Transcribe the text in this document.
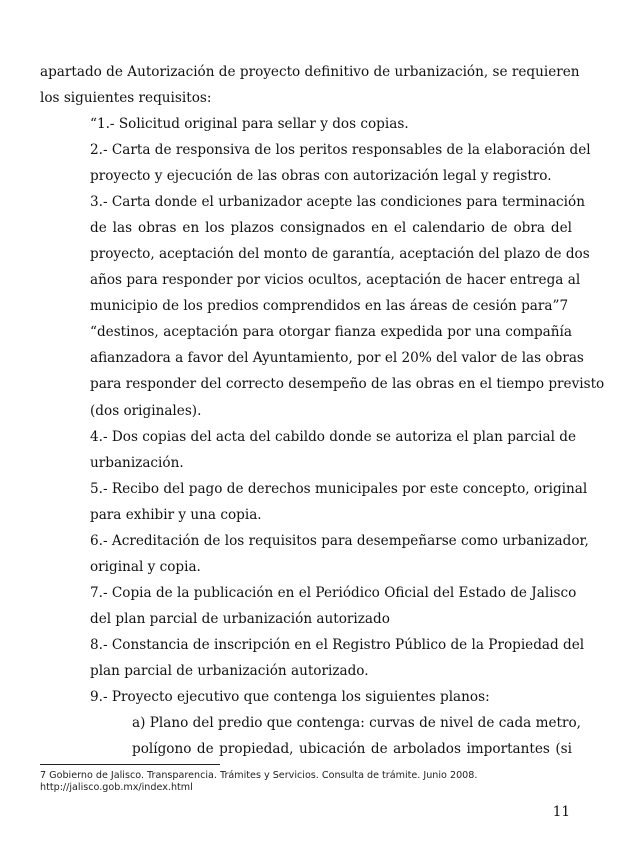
apartado de Autorización de proyecto definitivo de urbanización, se requieren
los siguientes requisitos:
“1.- Solicitud original para sellar y dos copias.
2.- Carta de responsiva de los peritos responsables de la elaboración del
proyecto y ejecución de las obras con autorización legal y registro.
3.- Carta donde el urbanizador acepte las condiciones para terminación
de las obras en los plazos consignados en el calendario de obra del
proyecto, aceptación del monto de garantía, aceptación del plazo de dos
años para responder por vicios ocultos, aceptación de hacer entrega al
municipio de los predios comprendidos en las áreas de cesión para”7
“destinos, aceptación para otorgar fianza expedida por una compañía
afianzadora a favor del Ayuntamiento, por el 20% del valor de las obras
para responder del correcto desempeño de las obras en el tiempo previsto
(dos originales).
4.- Dos copias del acta del cabildo donde se autoriza el plan parcial de
urbanización.
5.- Recibo del pago de derechos municipales por este concepto, original
para exhibir y una copia.
6.- Acreditación de los requisitos para desempeñarse como urbanizador,
original y copia.
7.- Copia de la publicación en el Periódico Oficial del Estado de Jalisco
del plan parcial de urbanización autorizado
8.- Constancia de inscripción en el Registro Público de la Propiedad del
plan parcial de urbanización autorizado.
9.- Proyecto ejecutivo que contenga los siguientes planos:
a) Plano del predio que contenga: curvas de nivel de cada metro,
polígono de propiedad, ubicación de arbolados importantes (si
7 Gobierno de Jalisco. Transparencia. Trámites y Servicios. Consulta de trámite. Junio 2008.
http://jalisco.gob.mx/index.html
11
